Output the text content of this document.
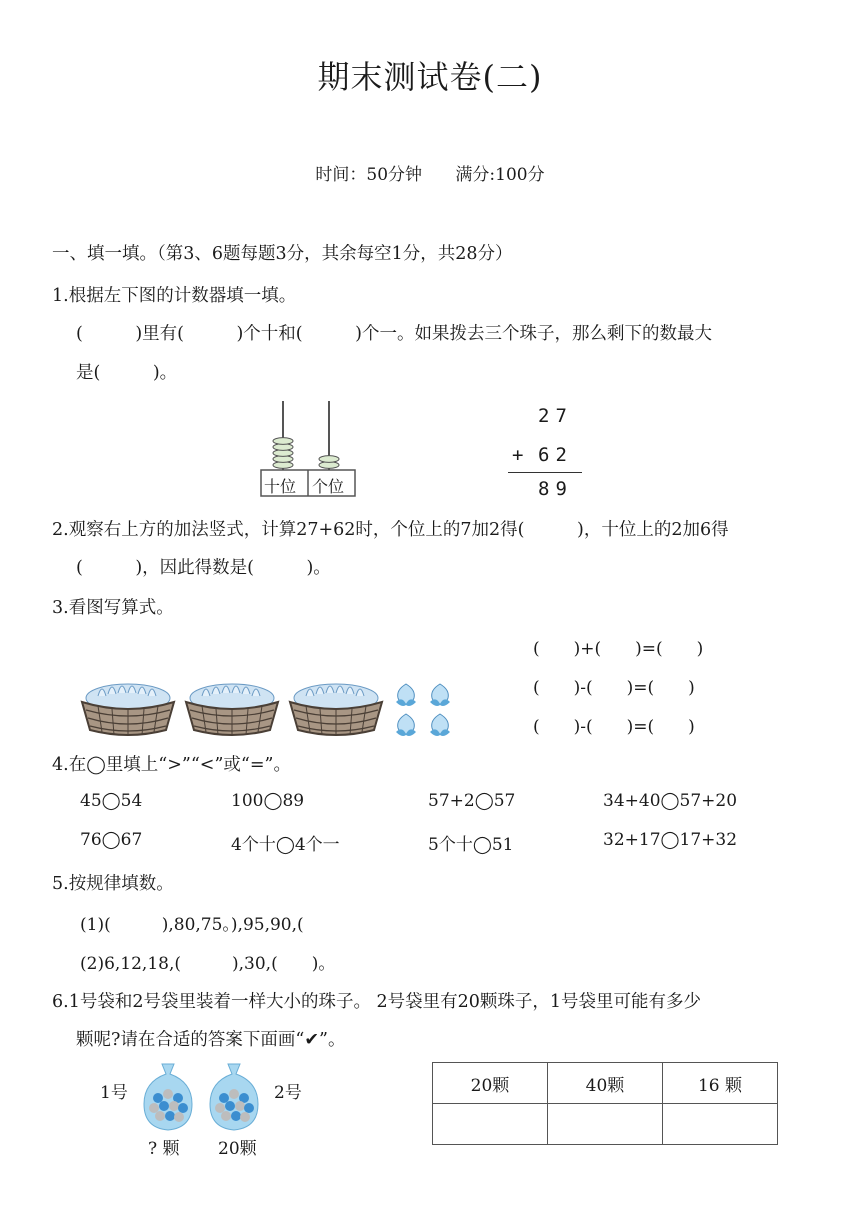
期末测试卷(二)
时间：50分钟 满分:100分
一、填一填。（第3、6题每题3分，其余每空1分，共28分）
1.根据左下图的计数器填一填。
(　　　)里有(　　　)个十和(　　　)个一。如果拨去三个珠子，那么剩下的数最大
是(　　　)。
十位 个位
27
+ 62
89
2.观察右上方的加法竖式，计算27+62时，个位上的7加2得(　　　)，十位上的2加6得
(　　　)，因此得数是(　　　)。
3.看图写算式。
(　　)+(　　)=(　　)
(　　)-(　　)=(　　)
(　　)-(　　)=(　　)
4.在◯里填上“>”“<”或“=”。
45◯54	100◯89	57+2◯57	34+40◯57+20
76◯67	4个十◯4个一	5个十◯51	32+17◯17+32
5.按规律填数。
(1)(　　　),80,75。),95,90,(
(2)6,12,18,(　　　),30,(　　)。
6.1号袋和2号袋里装着一样大小的珠子。 2号袋里有20颗珠子，1号袋里可能有多少
颗呢?请在合适的答案下面画“✔”。
1号
? 颗
2号
20颗
20颗	40颗	16 颗
